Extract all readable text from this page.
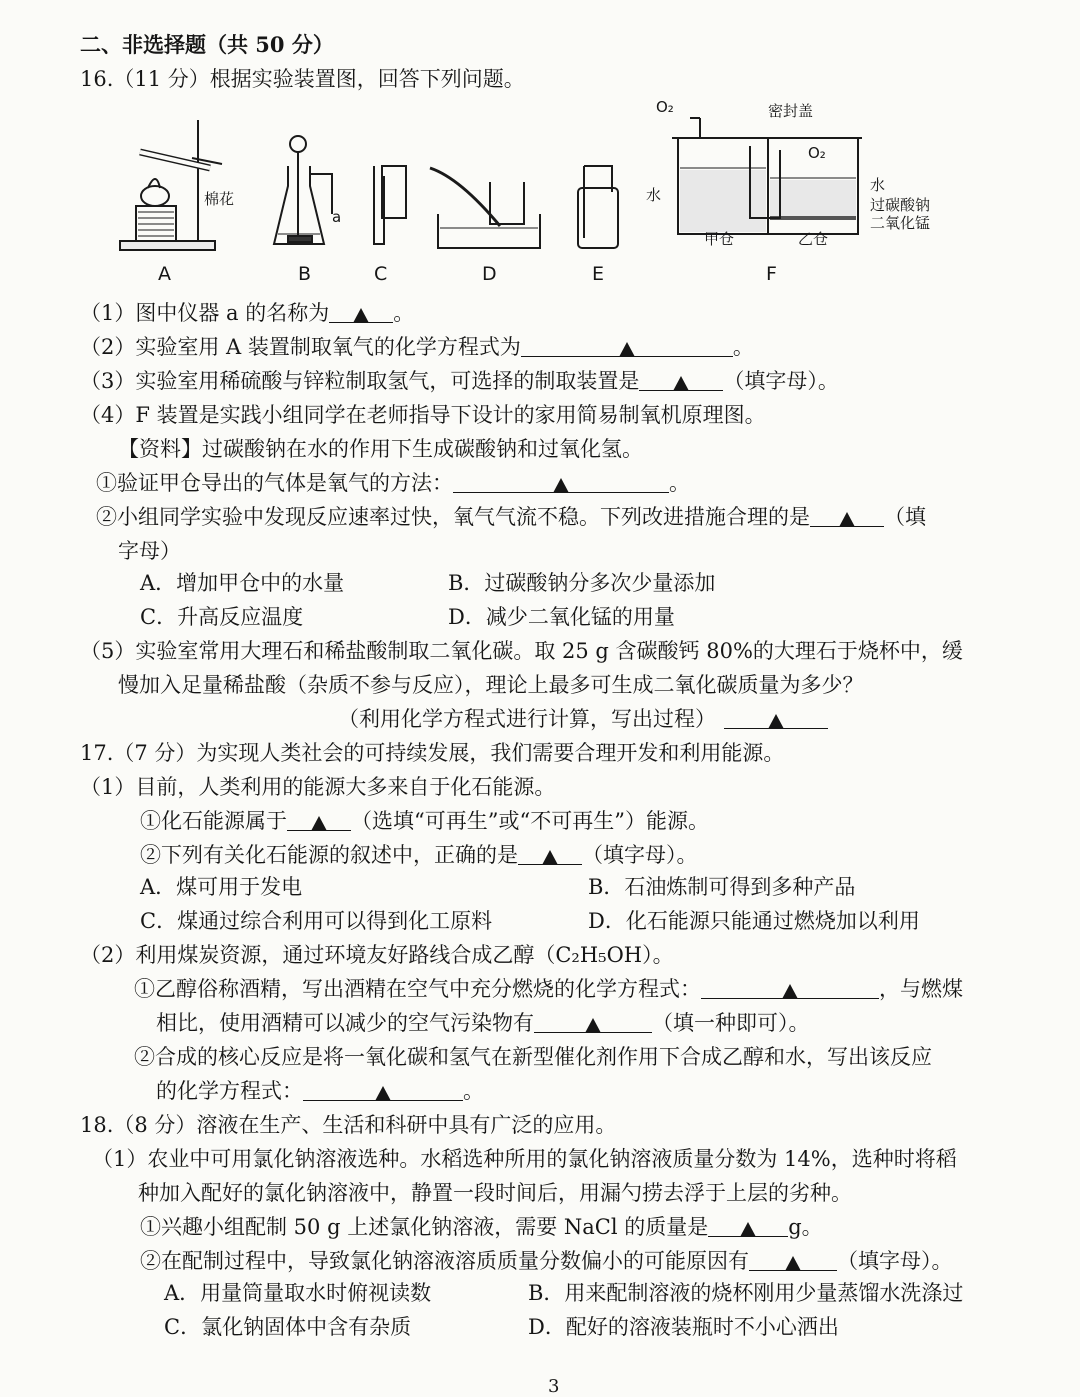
二、非选择题（共 50 分）
16.（11 分）根据实验装置图，回答下列问题。
A	B	C	D	E	F
棉花
a
O₂	密封盖
O₂
水
水
过碳酸钠
二氧化锰
甲仓	乙仓
（1）图中仪器 a 的名称为	。
（2）实验室用 A 装置制取氧气的化学方程式为	。
（3）实验室用稀硫酸与锌粒制取氢气，可选择的制取装置是	（填字母）。
（4）F 装置是实践小组同学在老师指导下设计的家用简易制氧机原理图。
【资料】过碳酸钠在水的作用下生成碳酸钠和过氧化氢。
①验证甲仓导出的气体是氧气的方法：	。
②小组同学实验中发现反应速率过快，氧气气流不稳。下列改进措施合理的是	（填
字母）
A．增加甲仓中的水量	B．过碳酸钠分多次少量添加
C．升高反应温度	D．减少二氧化锰的用量
（5）实验室常用大理石和稀盐酸制取二氧化碳。取 25 g 含碳酸钙 80%的大理石于烧杯中，缓
慢加入足量稀盐酸（杂质不参与反应），理论上最多可生成二氧化碳质量为多少？
（利用化学方程式进行计算，写出过程）
17.（7 分）为实现人类社会的可持续发展，我们需要合理开发和利用能源。
（1）目前，人类利用的能源大多来自于化石能源。
①化石能源属于	（选填“可再生”或“不可再生”）能源。
②下列有关化石能源的叙述中，正确的是	（填字母）。
A．煤可用于发电	B．石油炼制可得到多种产品
C．煤通过综合利用可以得到化工原料	D．化石能源只能通过燃烧加以利用
（2）利用煤炭资源，通过环境友好路线合成乙醇（C₂H₅OH）。
①乙醇俗称酒精，写出酒精在空气中充分燃烧的化学方程式：	，与燃煤
相比，使用酒精可以减少的空气污染物有	（填一种即可）。
②合成的核心反应是将一氧化碳和氢气在新型催化剂作用下合成乙醇和水，写出该反应
的化学方程式：	。
18.（8 分）溶液在生产、生活和科研中具有广泛的应用。
（1）农业中可用氯化钠溶液选种。水稻选种所用的氯化钠溶液质量分数为 14%，选种时将稻
种加入配好的氯化钠溶液中，静置一段时间后，用漏勺捞去浮于上层的劣种。
①兴趣小组配制 50 g 上述氯化钠溶液，需要 NaCl 的质量是	g。
②在配制过程中，导致氯化钠溶液溶质质量分数偏小的可能原因有	（填字母）。
A．用量筒量取水时俯视读数	B．用来配制溶液的烧杯刚用少量蒸馏水洗涤过
C．氯化钠固体中含有杂质	D．配好的溶液装瓶时不小心洒出
3
